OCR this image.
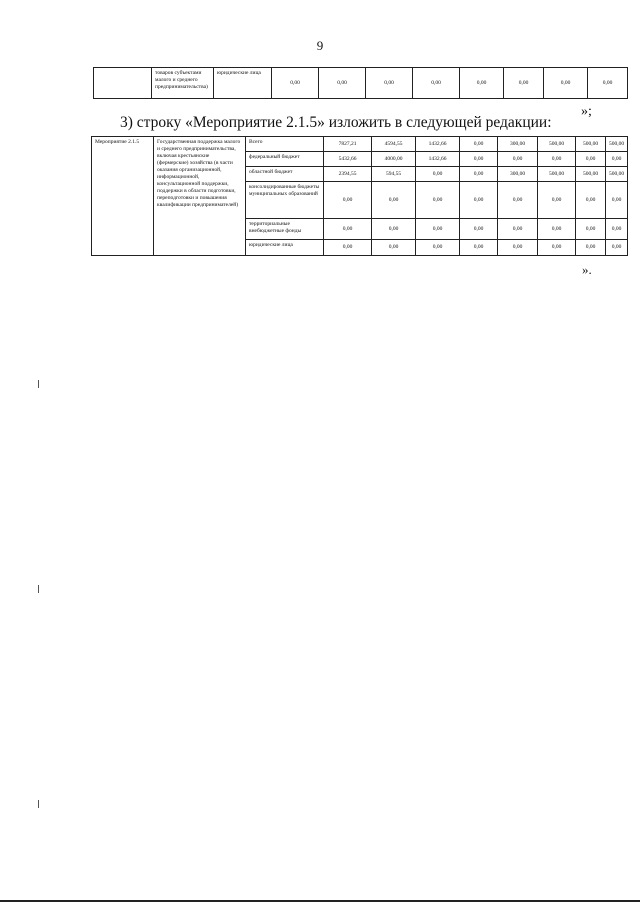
9
	товаров субъектами малого и среднего предпринимательства)	юридические лица	0,00	0,00	0,00	0,00	0,00	0,00	0,00	0,00
»;
3) строку «Мероприятие 2.1.5» изложить в следующей редакции:
Мероприятие 2.1.5	Государственная поддержка малого и среднего предпринимательства, включая крестьянские (фермерские) хозяйства (в части оказания организационной, информационной, консультационной поддержки, поддержки в области подготовки, переподготовки и повышения квалификации предпринимателей)	Всего	7827,21	4594,55	1432,66	0,00	300,00	500,00	500,00	500,00
		федеральный бюджет	5432,66	4000,00	1432,66	0,00	0,00	0,00	0,00	0,00
		областной бюджет	2394,55	594,55	0,00	0,00	300,00	500,00	500,00	500,00
		консолидированные бюджеты муниципальных образований	0,00	0,00	0,00	0,00	0,00	0,00	0,00	0,00
		территориальные внебюджетные фонды	0,00	0,00	0,00	0,00	0,00	0,00	0,00	0,00
		юридические лица	0,00	0,00	0,00	0,00	0,00	0,00	0,00	0,00
».
